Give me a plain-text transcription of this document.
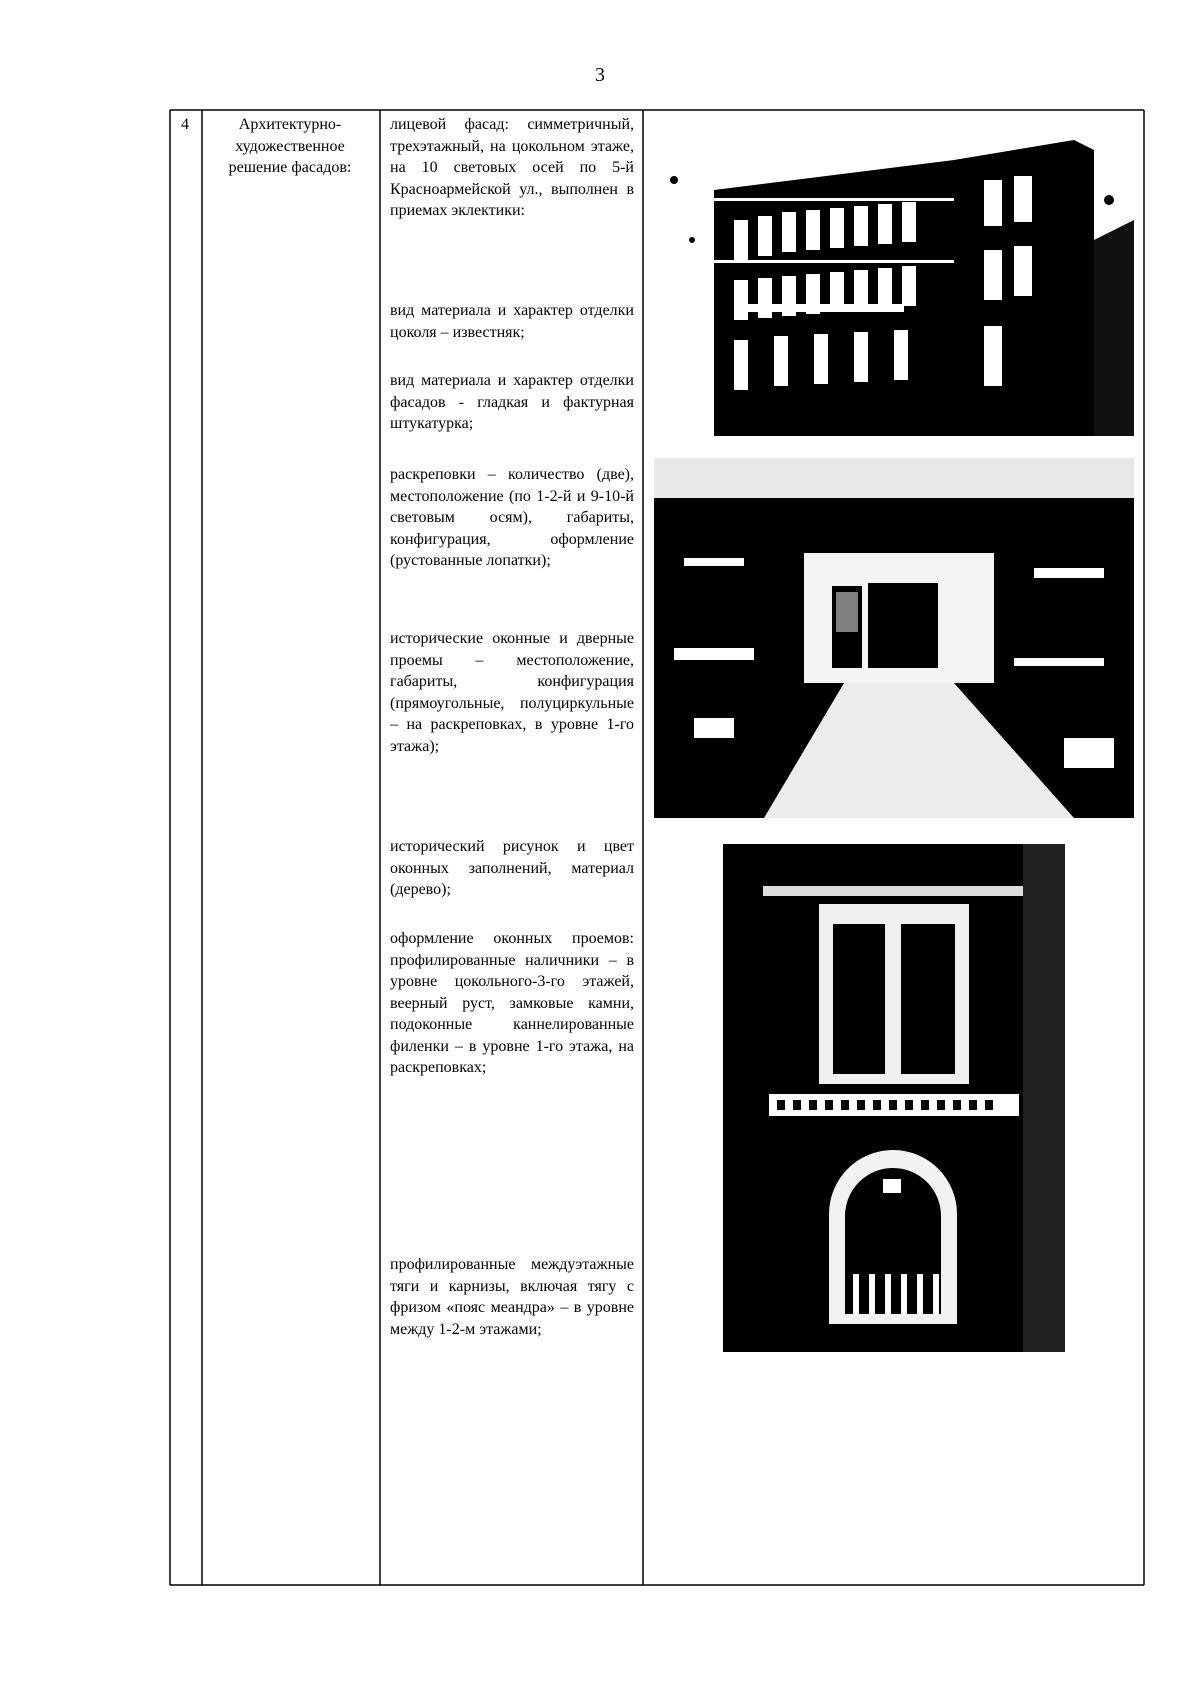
3
4	Архитектурно-художественное решение фасадов:
лицевой фасад: симметричный, трехэтажный, на цокольном этаже, на 10 световых осей по 5-й Красноармейской ул., выполнен в приемах эклектики:
вид материала и характер отделки цоколя – известняк;
вид материала и характер отделки фасадов - гладкая и фактурная штукатурка;
раскреповки – количество (две), местоположение (по 1-2-й и 9-10-й световым осям), габариты, конфигурация, оформление (рустованные лопатки);
исторические оконные и дверные проемы – местоположение, габариты, конфигурация (прямоугольные, полуциркульные – на раскреповках, в уровне 1-го этажа);
исторический рисунок и цвет оконных заполнений, материал (дерево);
оформление оконных проемов: профилированные наличники – в уровне цокольного-3-го этажей, веерный руст, замковые камни, подоконные каннелированные филенки – в уровне 1-го этажа, на раскреповках;
профилированные междуэтажные тяги и карнизы, включая тягу с фризом «пояс меандра» – в уровне между 1-2-м этажами;
